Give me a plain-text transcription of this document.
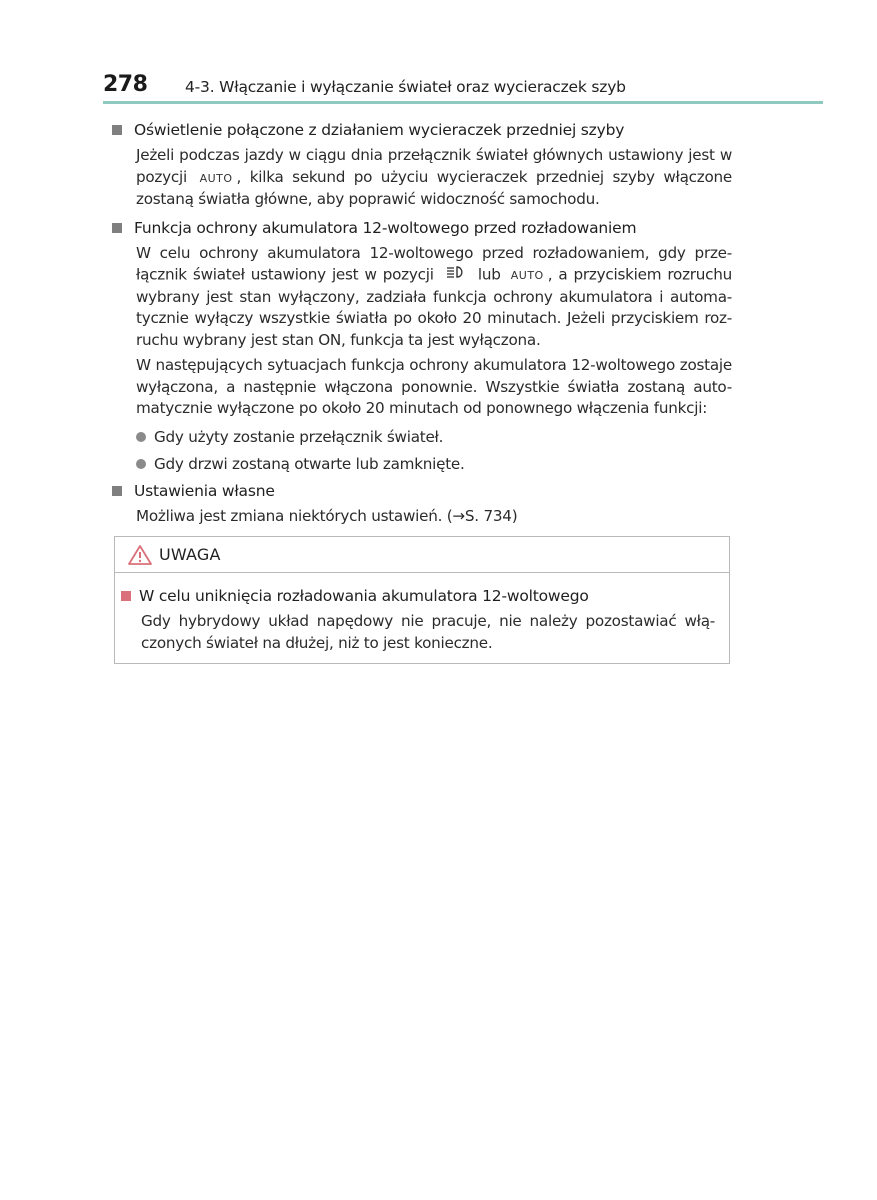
278 4-3. Włączanie i wyłączanie świateł oraz wycieraczek szyb
Oświetlenie połączone z działaniem wycieraczek przedniej szyby
Jeżeli podczas jazdy w ciągu dnia przełącznik świateł głównych ustawiony jest w pozycji AUTO , kilka sekund po użyciu wycieraczek przedniej szyby włączone zostaną światła główne, aby poprawić widoczność samochodu.
Funkcja ochrony akumulatora 12-woltowego przed rozładowaniem
W celu ochrony akumulatora 12-woltowego przed rozładowaniem, gdy prze-łącznik świateł ustawiony jest w pozycji	lub AUTO , a przyciskiem rozruchu wybrany jest stan wyłączony, zadziała funkcja ochrony akumulatora i automa-tycznie wyłączy wszystkie światła po około 20 minutach. Jeżeli przyciskiem roz-ruchu wybrany jest stan ON, funkcja ta jest wyłączona.
W następujących sytuacjach funkcja ochrony akumulatora 12-woltowego zostaje wyłączona, a następnie włączona ponownie. Wszystkie światła zostaną auto-matycznie wyłączone po około 20 minutach od ponownego włączenia funkcji:
Gdy użyty zostanie przełącznik świateł.
Gdy drzwi zostaną otwarte lub zamknięte.
Ustawienia własne
Możliwa jest zmiana niektórych ustawień. (→S. 734)
UWAGA
W celu uniknięcia rozładowania akumulatora 12-woltowego
Gdy hybrydowy układ napędowy nie pracuje, nie należy pozostawiać włą-czonych świateł na dłużej, niż to jest konieczne.
